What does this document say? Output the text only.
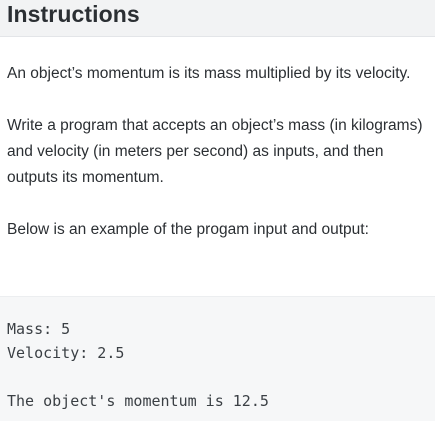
Instructions

An object’s momentum is its mass multiplied by its velocity.

Write a program that accepts an object’s mass (in kilograms) and velocity (in meters per second) as inputs, and then outputs its momentum.

Below is an example of the progam input and output:

Mass: 5
Velocity: 2.5
The object's momentum is 12.5
